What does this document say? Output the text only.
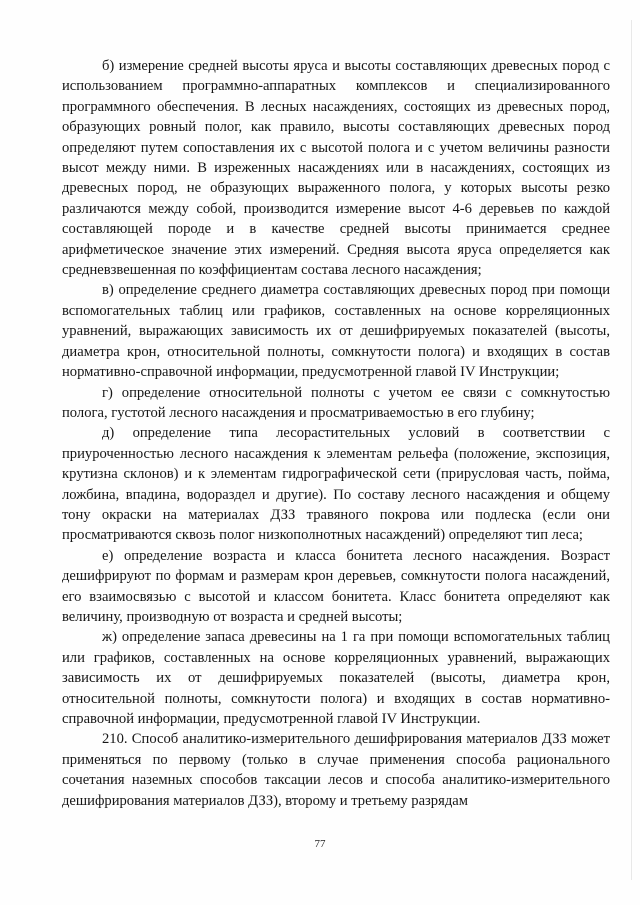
б) измерение средней высоты яруса и высоты составляющих древесных пород с использованием программно-аппаратных комплексов и специализированного программного обеспечения. В лесных насаждениях, состоящих из древесных пород, образующих ровный полог, как правило, высоты составляющих древесных пород определяют путем сопоставления их с высотой полога и с учетом величины разности высот между ними. В изреженных насаждениях или в насаждениях, состоящих из древесных пород, не образующих выраженного полога, у которых высоты резко различаются между собой, производится измерение высот 4-6 деревьев по каждой составляющей породе и в качестве средней высоты принимается среднее арифметическое значение этих измерений. Средняя высота яруса определяется как средневзвешенная по коэффициентам состава лесного насаждения;

в) определение среднего диаметра составляющих древесных пород при помощи вспомогательных таблиц или графиков, составленных на основе корреляционных уравнений, выражающих зависимость их от дешифрируемых показателей (высоты, диаметра крон, относительной полноты, сомкнутости полога) и входящих в состав нормативно-справочной информации, предусмотренной главой IV Инструкции;

г) определение относительной полноты с учетом ее связи с сомкнутостью полога, густотой лесного насаждения и просматриваемостью в его глубину;

д) определение типа лесорастительных условий в соответствии с приуроченностью лесного насаждения к элементам рельефа (положение, экспозиция, крутизна склонов) и к элементам гидрографической сети (прирусловая часть, пойма, ложбина, впадина, водораздел и другие). По составу лесного насаждения и общему тону окраски на материалах ДЗЗ травяного покрова или подлеска (если они просматриваются сквозь полог низкополнотных насаждений) определяют тип леса;

е) определение возраста и класса бонитета лесного насаждения. Возраст дешифрируют по формам и размерам крон деревьев, сомкнутости полога насаждений, его взаимосвязью с высотой и классом бонитета. Класс бонитета определяют как величину, производную от возраста и средней высоты;

ж) определение запаса древесины на 1 га при помощи вспомогательных таблиц или графиков, составленных на основе корреляционных уравнений, выражающих зависимость их от дешифрируемых показателей (высоты, диаметра крон, относительной полноты, сомкнутости полога) и входящих в состав нормативно-справочной информации, предусмотренной главой IV Инструкции.

210. Способ аналитико-измерительного дешифрирования материалов ДЗЗ может применяться по первому (только в случае применения способа рационального сочетания наземных способов таксации лесов и способа аналитико-измерительного дешифрирования материалов ДЗЗ), второму и третьему разрядам

77
